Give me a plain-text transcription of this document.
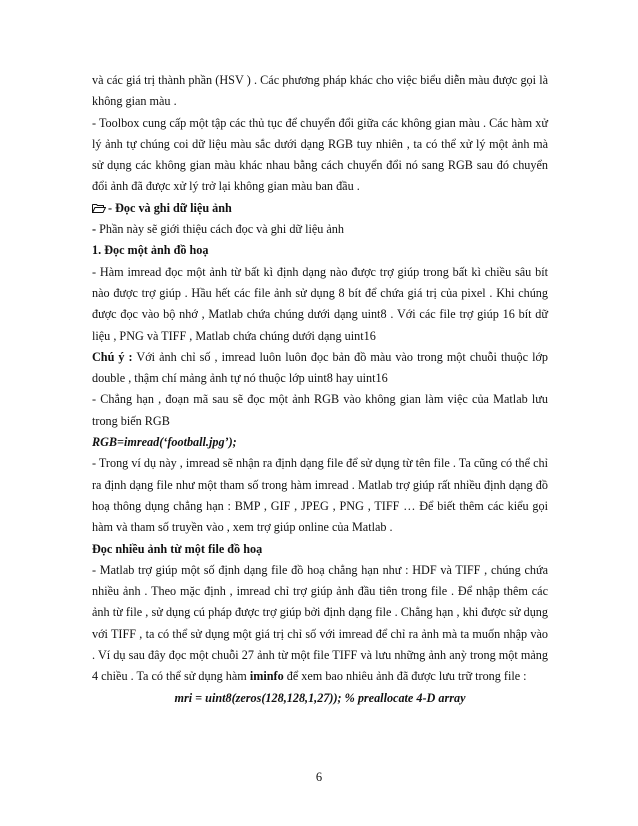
và các giá trị thành phần (HSV ) . Các phương pháp khác cho việc biểu diễn màu được gọi là không gian màu .

- Toolbox cung cấp một tập các thủ tục để chuyển đổi giữa các không gian màu . Các hàm xử lý ảnh tự chúng coi dữ liệu màu sắc dưới dạng RGB tuy nhiên , ta có thể xử lý một ảnh mà sử dụng các không gian màu khác nhau bằng cách chuyển đổi nó sang RGB sau đó chuyển đổi ảnh đã được xử lý trở lại không gian màu ban đầu .

- Đọc và ghi dữ liệu ảnh

- Phần này sẽ giới thiệu cách đọc và ghi dữ liệu ảnh

1. Đọc một ảnh đồ hoạ

- Hàm imread đọc một ảnh từ bất kì định dạng nào được trợ giúp trong bất kì chiều sâu bít nào được trợ giúp . Hầu hết các file ảnh sử dụng 8 bít để chứa giá trị của pixel . Khi chúng được đọc vào bộ nhớ , Matlab chứa chúng dưới dạng uint8 . Với các file trợ giúp 16 bít dữ liệu , PNG và TIFF , Matlab chứa chúng dưới dạng uint16

Chú ý : Với ảnh chỉ số , imread luôn luôn đọc bản đồ màu vào trong một chuỗi thuộc lớp double , thậm chí mảng ảnh tự nó thuộc lớp uint8 hay uint16

- Chẳng hạn , đoạn mã sau sẽ đọc một ảnh RGB vào không gian làm việc của Matlab lưu trong biến RGB

RGB=imread(‘football.jpg’);

- Trong ví dụ này , imread sẽ nhận ra định dạng file để sử dụng từ tên file . Ta cũng có thể chỉ ra định dạng file như một tham số trong hàm imread . Matlab trợ giúp rất nhiều định dạng đồ hoạ thông dụng chẳng hạn : BMP , GIF , JPEG , PNG , TIFF … Để biết thêm các kiểu gọi hàm và tham số truyền vào , xem trợ giúp online của Matlab .

Đọc nhiều ảnh từ một file đồ hoạ

- Matlab trợ giúp một số định dạng file đồ hoạ chẳng hạn như : HDF và TIFF , chúng chứa nhiều ảnh . Theo mặc định , imread chỉ trợ giúp ảnh đầu tiên trong file . Để nhập thêm các ảnh từ file , sử dụng cú pháp được trợ giúp bởi định dạng file . Chẳng hạn , khi được sử dụng với TIFF , ta có thể sử dụng một giá trị chỉ số với imread để chỉ ra ảnh mà ta muốn nhập vào . Ví dụ sau đây đọc một chuỗi 27 ảnh từ một file TIFF và lưu những ảnh anỳ trong một mảng 4 chiều . Ta có thể sử dụng hàm iminfo để xem bao nhiêu ảnh đã được lưu trữ trong file :

mri = uint8(zeros(128,128,1,27)); % preallocate 4-D array

6
